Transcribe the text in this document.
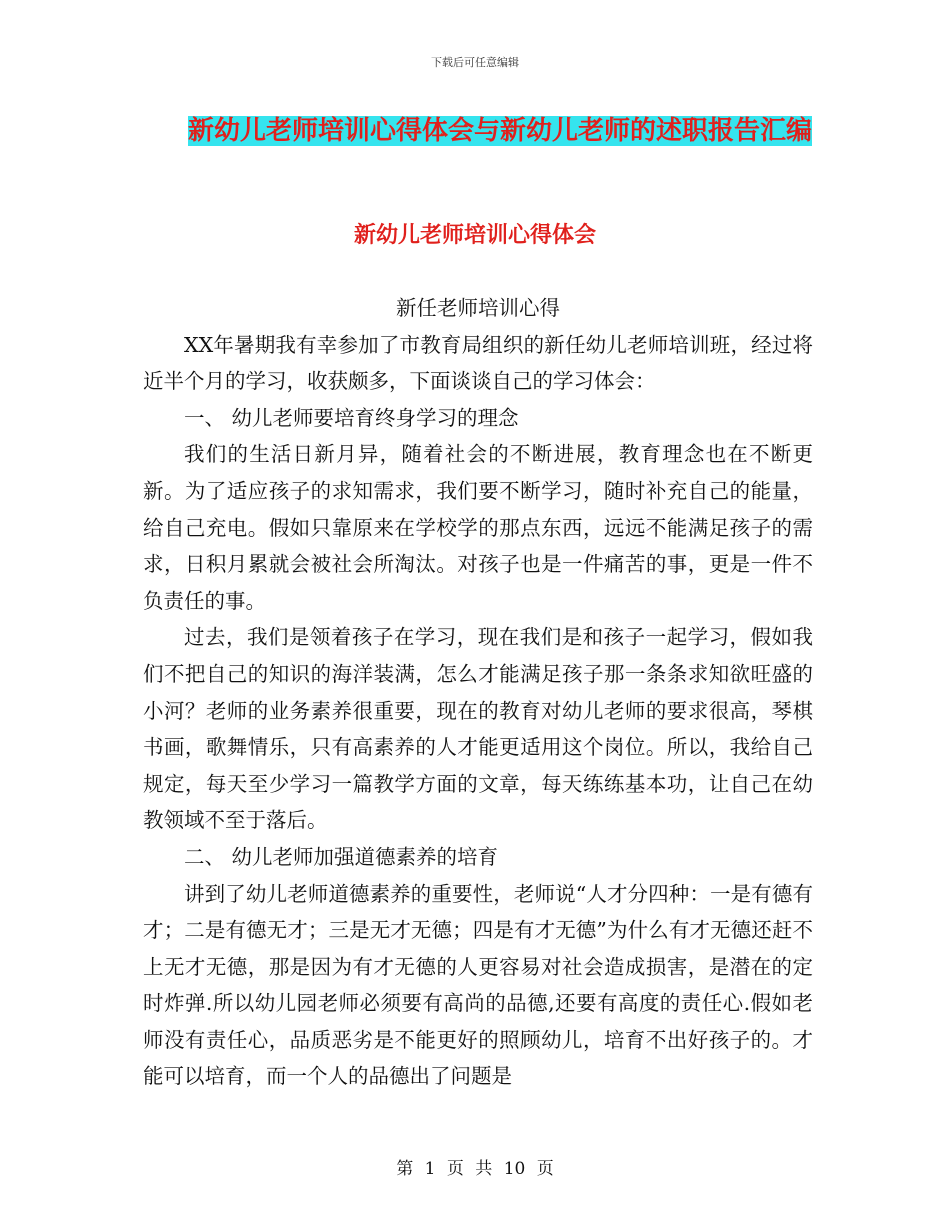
下载后可任意编辑
新幼儿老师培训心得体会与新幼儿老师的述职报告汇编
新幼儿老师培训心得体会

新任老师培训心得

XX年暑期我有幸参加了市教育局组织的新任幼儿老师培训班，经过将近半个月的学习，收获颇多，下面谈谈自己的学习体会：

一、 幼儿老师要培育终身学习的理念

我们的生活日新月异，随着社会的不断进展，教育理念也在不断更新。为了适应孩子的求知需求，我们要不断学习，随时补充自己的能量，给自己充电。假如只靠原来在学校学的那点东西，远远不能满足孩子的需求，日积月累就会被社会所淘汰。对孩子也是一件痛苦的事，更是一件不负责任的事。

过去，我们是领着孩子在学习，现在我们是和孩子一起学习，假如我们不把自己的知识的海洋装满，怎么才能满足孩子那一条条求知欲旺盛的小河？老师的业务素养很重要，现在的教育对幼儿老师的要求很高，琴棋书画，歌舞情乐，只有高素养的人才能更适用这个岗位。所以，我给自己规定，每天至少学习一篇教学方面的文章，每天练练基本功，让自己在幼教领域不至于落后。

二、 幼儿老师加强道德素养的培育

讲到了幼儿老师道德素养的重要性，老师说“人才分四种：一是有德有才；二是有德无才；三是无才无德；四是有才无德”为什么有才无德还赶不上无才无德，那是因为有才无德的人更容易对社会造成损害，是潜在的定时炸弹.所以幼儿园老师必须要有高尚的品德,还要有高度的责任心.假如老师没有责任心，品质恶劣是不能更好的照顾幼儿，培育不出好孩子的。才能可以培育，而一个人的品德出了问题是

第 1 页 共 10 页
